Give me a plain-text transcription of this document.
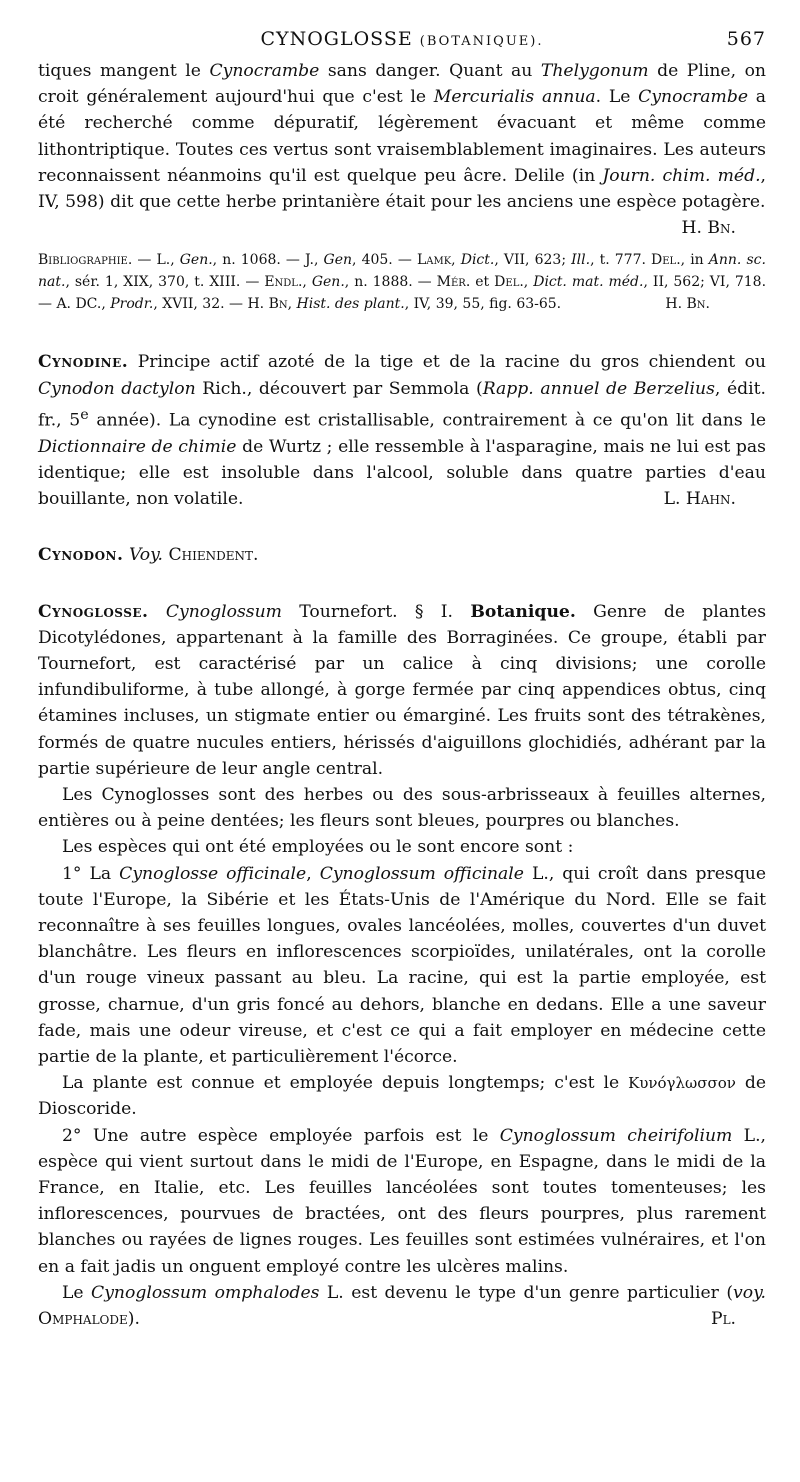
CYNOGLOSSE (BOTANIQUE).	567

tiques mangent le Cynocrambe sans danger. Quant au Thelygonum de Pline, on croit généralement aujourd'hui que c'est le Mercurialis annua. Le Cynocrambe a été recherché comme dépuratif, légèrement évacuant et même comme lithontriptique. Toutes ces vertus sont vraisemblablement imaginaires. Les auteurs reconnaissent néanmoins qu'il est quelque peu âcre. Delile (in Journ. chim. méd., IV, 598) dit que cette herbe printanière était pour les anciens une espèce potagère.
H. Bn.

Bibliographie. — L., Gen., n. 1068. — J., Gen, 405. — Lamk, Dict., VII, 623; Ill., t. 777. Del., in Ann. sc. nat., sér. 1, XIX, 370, t. XIII. — Endl., Gen., n. 1888. — Mér. et Del., Dict. mat. méd., II, 562; VI, 718. — A. DC., Prodr., XVII, 32. — H. Bn, Hist. des plant., IV, 39, 55, fig. 63-65.	H. Bn.

Cynodine. Principe actif azoté de la tige et de la racine du gros chiendent ou Cynodon dactylon Rich., découvert par Semmola (Rapp. annuel de Berzelius, édit. fr., 5e année). La cynodine est cristallisable, contrairement à ce qu'on lit dans le Dictionnaire de chimie de Wurtz ; elle ressemble à l'asparagine, mais ne lui est pas identique; elle est insoluble dans l'alcool, soluble dans quatre parties d'eau bouillante, non volatile.	L. Hahn.

Cynodon. Voy. Chiendent.

Cynoglosse. Cynoglossum Tournefort. § I. Botanique. Genre de plantes Dicotylédones, appartenant à la famille des Borraginées. Ce groupe, établi par Tournefort, est caractérisé par un calice à cinq divisions; une corolle infundibuliforme, à tube allongé, à gorge fermée par cinq appendices obtus, cinq étamines incluses, un stigmate entier ou émarginé. Les fruits sont des tétrakènes, formés de quatre nucules entiers, hérissés d'aiguillons glochidiés, adhérant par la partie supérieure de leur angle central.

Les Cynoglosses sont des herbes ou des sous-arbrisseaux à feuilles alternes, entières ou à peine dentées; les fleurs sont bleues, pourpres ou blanches.

Les espèces qui ont été employées ou le sont encore sont :

1° La Cynoglosse officinale, Cynoglossum officinale L., qui croît dans presque toute l'Europe, la Sibérie et les États-Unis de l'Amérique du Nord. Elle se fait reconnaître à ses feuilles longues, ovales lancéolées, molles, couvertes d'un duvet blanchâtre. Les fleurs en inflorescences scorpioïdes, unilatérales, ont la corolle d'un rouge vineux passant au bleu. La racine, qui est la partie employée, est grosse, charnue, d'un gris foncé au dehors, blanche en dedans. Elle a une saveur fade, mais une odeur vireuse, et c'est ce qui a fait employer en médecine cette partie de la plante, et particulièrement l'écorce.

La plante est connue et employée depuis longtemps; c'est le Κυνόγλωσσον de Dioscoride.

2° Une autre espèce employée parfois est le Cynoglossum cheirifolium L., espèce qui vient surtout dans le midi de l'Europe, en Espagne, dans le midi de la France, en Italie, etc. Les feuilles lancéolées sont toutes tomenteuses; les inflorescences, pourvues de bractées, ont des fleurs pourpres, plus rarement blanches ou rayées de lignes rouges. Les feuilles sont estimées vulnéraires, et l'on en a fait jadis un onguent employé contre les ulcères malins.

Le Cynoglossum omphalodes L. est devenu le type d'un genre particulier (voy. Omphalode).	Pl.
